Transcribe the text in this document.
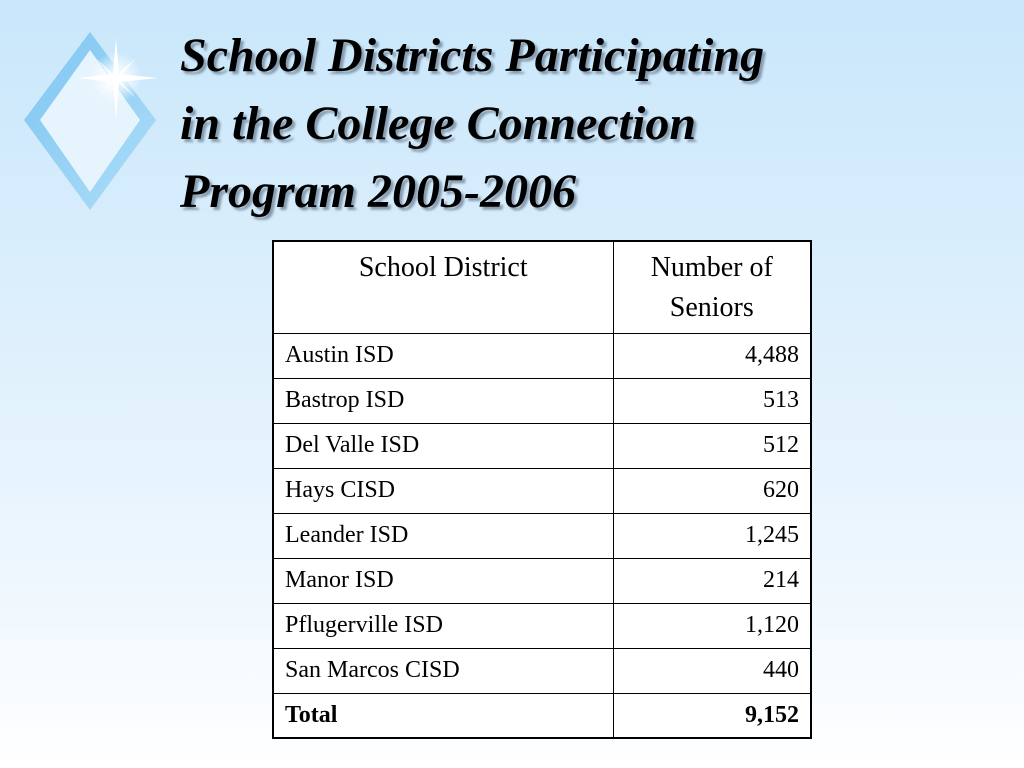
School Districts Participating
in the College Connection
Program 2005-2006
School District	Number of
Seniors
Austin ISD	4,488
Bastrop ISD	513
Del Valle ISD	512
Hays CISD	620
Leander ISD	1,245
Manor ISD	214
Pflugerville ISD	1,120
San Marcos CISD	440
Total	9,152
